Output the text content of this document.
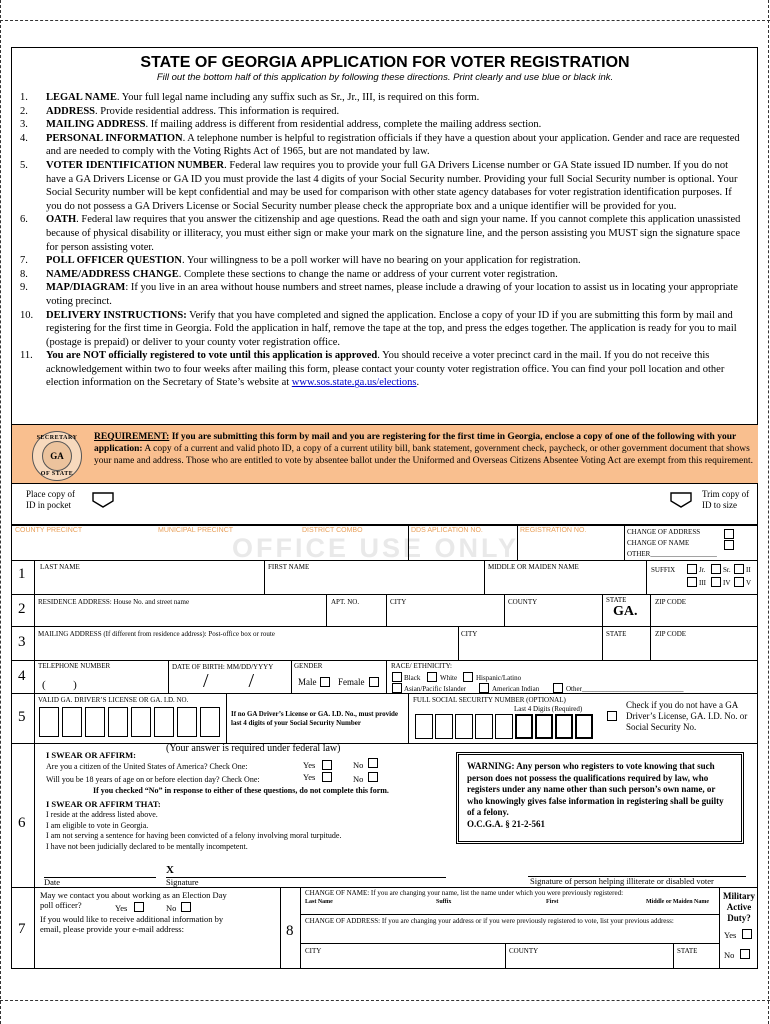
STATE OF GEORGIA APPLICATION FOR VOTER REGISTRATION
Fill out the bottom half of this application by following these directions. Print clearly and use blue or black ink.
1. LEGAL NAME. Your full legal name including any suffix such as Sr., Jr., III, is required on this form.
2. ADDRESS. Provide residential address. This information is required.
3. MAILING ADDRESS. If mailing address is different from residential address, complete the mailing address section.
4. PERSONAL INFORMATION. A telephone number is helpful to registration officials if they have a question about your application. Gender and race are requested and are needed to comply with the Voting Rights Act of 1965, but are not mandated by law.
5. VOTER IDENTIFICATION NUMBER. Federal law requires you to provide your full GA Drivers License number or GA State issued ID number. If you do not have a GA Drivers License or GA ID you must provide the last 4 digits of your Social Security number. Providing your full Social Security number is optional. Your Social Security number will be kept confidential and may be used for comparison with other state agency databases for voter registration identification purposes. If you do not possess a GA Drivers License or Social Security number please check the appropriate box and a unique identifier will be provided for you.
6. OATH. Federal law requires that you answer the citizenship and age questions. Read the oath and sign your name. If you cannot complete this application unassisted because of physical disability or illiteracy, you must either sign or make your mark on the signature line, and the person assisting you MUST sign the signature space for person assisting voter.
7. POLL OFFICER QUESTION. Your willingness to be a poll worker will have no bearing on your application for registration.
8. NAME/ADDRESS CHANGE. Complete these sections to change the name or address of your current voter registration.
9. MAP/DIAGRAM: If you live in an area without house numbers and street names, please include a drawing of your location to assist us in locating your appropriate voting precinct.
10. DELIVERY INSTRUCTIONS: Verify that you have completed and signed the application. Enclose a copy of your ID if you are submitting this form by mail and registering for the first time in Georgia. Fold the application in half, remove the tape at the top, and press the edges together. The application is ready for you to mail (postage is prepaid) or deliver to your county voter registration office.
11. You are NOT officially registered to vote until this application is approved. You should receive a voter precinct card in the mail. If you do not receive this acknowledgement within two to four weeks after mailing this form, please contact your county voter registration office. You can find your poll location and other election information on the Secretary of State’s website at www.sos.state.ga.us/elections.
SECRETARY
GA
OF STATE
REQUIREMENT: If you are submitting this form by mail and you are registering for the first time in Georgia, enclose a copy of one of the following with your application: A copy of a current and valid photo ID, a copy of a current utility bill, bank statement, government check, paycheck, or other government document that shows your name and address. Those who are entitled to vote by absentee ballot under the Uniformed and Overseas Citizens Absentee Voting Act are exempt from this requirement.
Place copy of
ID in pocket
Trim copy of
ID to size
COUNTY PRECINCT	MUNICIPAL PRECINCT	DISTRICT COMBO	DDS APLICATION NO.	REGISTRATION NO.
OFFICE USE ONLY
CHANGE OF ADDRESS
CHANGE OF NAME
OTHER___________________
1 LAST NAME	FIRST NAME	MIDDLE OR MAIDEN NAME	SUFFIX	Jr.	Sr. II
III IV V
2 RESIDENCE ADDRESS: House No. and street name	APT. NO.	CITY	COUNTY	STATE
GA.
ZIP CODE
3 MAILING ADDRESS (If different from residence address): Post-office box or route	CITY	STATE	ZIP CODE
4
TELEPHONE NUMBER
(          )
DATE OF BIRTH: MM/DD/YYYY
/        /
GENDER
Male Female
RACE/ ETHNICITY:
Black	White	Hispanic/Latino
Asian/Pacific Islander	American Indian	Other_____________________________
5
VALID GA. DRIVER’S LICENSE OR GA. I.D. NO.
If no GA Driver’s License or GA. I.D. No., must provide last 4 digits of your Social Security Number
FULL SOCIAL SECURITY NUMBER (OPTIONAL)
Last 4 Digits (Required)	Check if you do not have a GA Driver’s License, GA. I.D. No. or Social Security No.
6
I SWEAR OR AFFIRM:
(Your answer is required under federal law)
Are you a citizen of the United States of America? Check One:	Yes	No
Will you be 18 years of age on or before election day? Check One:	Yes	No
If you checked “No” in response to either of these questions, do not complete this form.
I SWEAR OR AFFIRM THAT:
I reside at the address listed above.
I am eligible to vote in Georgia.
I am not serving a sentence for having been convicted of a felony involving moral turpitude.
I have not been judicially declared to be mentally incompetent.
WARNING: Any person who registers to vote knowing that such person does not possess the qualifications required by law, who registers under any name other than such person’s own name, or who knowingly gives false information in registering shall be guilty of a felony.
O.C.G.A. § 21-2-561
X
Date	Signature	Signature of person helping illiterate or disabled voter
7
May we contact you about working as an Election Day poll officer?	Yes	No
If you would like to receive additional information by email, please provide your e-mail address:	8
CHANGE OF NAME: If you are changing your name, list the name under which you were previously registered:
Last Name	Suffix	First	Middle or Maiden Name
CHANGE OF ADDRESS: If you are changing your address or if you were previously registered to vote, list your previous address:
CITY	COUNTY	STATE
Military Active Duty?
Yes
No
